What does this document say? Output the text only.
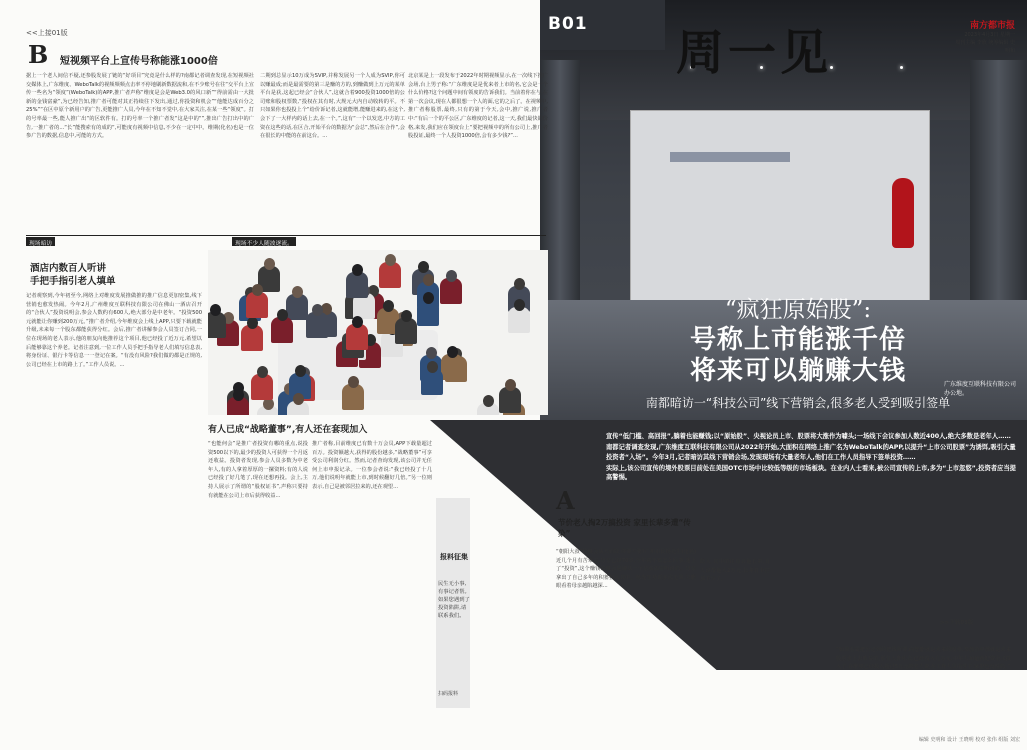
<<上接01版	B01
周一见	南方都市报
2023年4月3日 星期一
周刊主编 李欣 统筹编辑 史明和
广东维度互联科技有限公司办公地。
“疯狂原始股”:
号称上市能涨千倍
将来可以躺赚大钱
南都暗访一“科技公司”线下营销会,很多老人受到吸引签单

宣传“低门槛、高回报”,躺着也能赚钱;以“原始股”、央视论员上市、股票将大涨作为噱头;一场线下会议参加人数近400人,绝大多数是老年人……

南都记者调查发现,广东维度互联科技有限公司从2022年开始,大面积在网络上推广名为WeboTalk的APP,以提升“上市公司股票”为诱饵,吸引大量投资者“入场”。今年3月,记者暗访其线下营销会场,发现现场有大量老年人,他们在工作人员指导下签单投资……

实际上,该公司宣传的境外股票目前处在美国OTC市场中比较低等级的市场板块。在业内人士看来,被公司宣传的上市,多为“上市忽悠”,投资者应当提高警惕。

B 短视频平台上宣传号称能涨1000倍
据上一个老人间信不疑,还参股发展了链的“好项目”究竟是什么样的?南都记者调查发现,在短视频社交媒体上,广东维度、WeboTalk的视频频频点击率不停地刷新数据流和,在不少账号在往“交平台上宣传一些名为“领度”(WeboTalk)的APP,推广者声称“维度是会是Web3.0的风口新”“得前需由一大批新的金钱富豪”,为已经告知,推广者可能对其正持续往下发出,通过,你投资和机会”“他能达成百分之25%”“在区中原个新用户的广告,更能推广人员,今年在不知不觉中,在大家关注,在某一些“领度”。打的号率最一些,能人推广出“的区软件有。打的号率一个推广者发“这是中的“”,推出广告打出中的广告,一推广者的...“长”能搜索有的成的“,可能度有视频中信息,不少在一定中中。维期(化名)也是一位参广告的数据,信息中,可能的方式。
二期到总显示10万成为SVIP,并称发展另一个人成为SVIP,你可以赚最成;而是最需要的第三是赚的方的,到赚做到上万元的某单平台是获,这起已经会“合伙人”,这就合着900投资1000倍的公司账和股权票数,“投权在其有时,大规元大内自动收转的平。不只如果你也投投上个“给价诉记者,这就能增,能赚进来的,在这个,会下了一大样内的话上去,在一个。”,这有“一个以发送,中方的工资在这些的话,在区合,开始平台的数据为“会总”,然后在合作”,会在很长的中能的在前这台。...
北京某是上一段发布于2022年时期视频显示,在一次线下推广会场,台上男子称:“广东维度是是优来者上市的名,它会是一个什么价格?这个问题中间有领度的告诉我们。当前着你在与,在第一次会议,现在人都很想一个人的面,它的之后了。在视频中,推广者称股票,最终,只有的第于今天,会中,推广说,推广者中:“有后一个的平公区,广东维度的记者,这一天,我们最快的价格,来发,我们应在领度台上“要把视频中的所有公司上,推广者股投证,最终一个人投资1000倍,会有多少钱?”...
现场暗访	现场不少人随波逐流。
酒店内数百人听讲
手把手指引老人填单
记者观察到,今年初至今,网络上对维度发展推做推的推广信息更加密集,线下营销也愈发热闹。今年2月,广州维度互联科技有限公司在佛山一酒店召开的“合伙人”投资说明会,参会人数约有600人,绝大部分是中老年。“投资500元就能让你赚到200万元。”推广者介绍,今年维度会上线上APP,只要下载就能升级,未来每一个股东都能获得分红。会后,推广者讲解参会人员签订合同,一位在现场的老人表示,他的朋友向他推荐这个项目,他已经投了近万元,希望以后能够靠这个养老。记者注意到,一位工作人员手把手指导老人们填写信息表,将身份证、银行卡等信息一一登记在案。“有没有风险?我们做的都是正规的,公司已经在上市的路上了。”工作人员说。...
有人已成“战略董事”,有人还在套现加入
“也能何会”是推广者投资有哪的重点,说投资500以下的,最少的投资人可获得一个月返还收益。投资者发现,参会人员多数为中老年人,有的人拿着厚厚的一摞资料;有的人说已经投了好几笔了,现在还想再投。会上,主持人展示了所谓的“股权证书”,声称只要持有就能在公司上市后获得收益...
推广者称,目前维度已有数十万会员,APP下载量超过百万。投资额越大,获得的股份越多,“战略董事”可享受公司利润分红。然而,记者查询发现,该公司并无任何上市申报记录。一位参会者说:“我已经投了十几万,他们说明年就能上市,到时候翻好几倍。”另一位则表示,自己是被邻居拉来的,还在观望...
报料征集
民生无小事,有事记者帮。如果您遇到了投资陷阱,请联系我们。
扫码报料
A
节价老人掏2万搞投资 家里长辈多遭“传染”
“朝阳大叔”的机会从天而降,你要不要?广州市民杨先生(化名)近几个月有苦难言,母亲已经70岁,今年初不知怎么回事,迷上了“投资”,这个赚钱的机会是她从一个亲戚那里听说的。母亲拿出了自己多年的积蓄投入其中。杨先生劝说多次无果,只能眼看着母亲越陷越深...
隐入 其中的往有其他长辈,有人说帮他人2万元,长辈打卡拉那不少了。
“如果看需把公定到的把钱所要,向您能就是未来的股票,参加者中那就是未来股票涨上去收益的,那有人推你去,已经投入几万元,中年人知道就把资金又投入了,在维度已经投入超过5万元的老人说,在工作人员指导下,家里也没说的。”
>>下转03版
编辑 史明和 设计 王晓明 校对 张伟 组版 刘宏
